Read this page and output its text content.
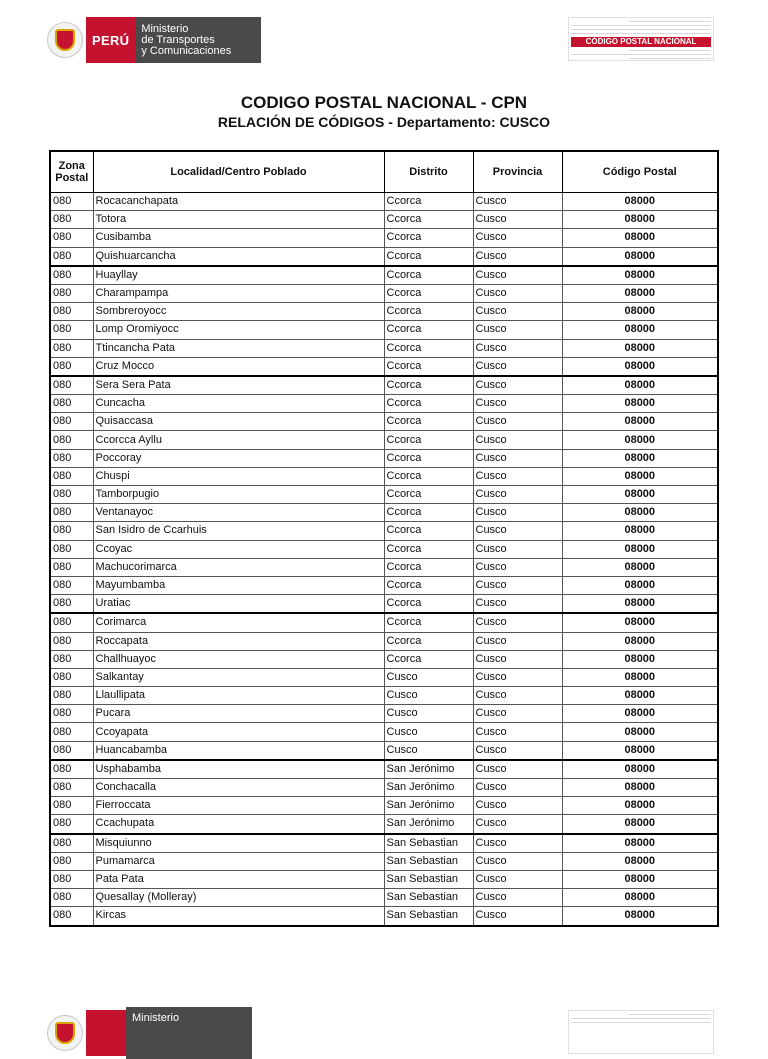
PERÚ
Ministerio
de Transportes
y Comunicaciones
CÓDIGO POSTAL NACIONAL
CODIGO POSTAL NACIONAL - CPN
RELACIÓN DE CÓDIGOS - Departamento: CUSCO
Zona Postal	Localidad/Centro Poblado	Distrito	Provincia	Código Postal
080	Rocacanchapata	Ccorca	Cusco	08000
080	Totora	Ccorca	Cusco	08000
080	Cusibamba	Ccorca	Cusco	08000
080	Quishuarcancha	Ccorca	Cusco	08000
080	Huayllay	Ccorca	Cusco	08000
080	Charampampa	Ccorca	Cusco	08000
080	Sombreroyocc	Ccorca	Cusco	08000
080	Lomp Oromiyocc	Ccorca	Cusco	08000
080	Ttincancha Pata	Ccorca	Cusco	08000
080	Cruz Mocco	Ccorca	Cusco	08000
080	Sera Sera Pata	Ccorca	Cusco	08000
080	Cuncacha	Ccorca	Cusco	08000
080	Quisaccasa	Ccorca	Cusco	08000
080	Ccorcca Ayllu	Ccorca	Cusco	08000
080	Poccoray	Ccorca	Cusco	08000
080	Chuspi	Ccorca	Cusco	08000
080	Tamborpugio	Ccorca	Cusco	08000
080	Ventanayoc	Ccorca	Cusco	08000
080	San Isidro de Ccarhuis	Ccorca	Cusco	08000
080	Ccoyac	Ccorca	Cusco	08000
080	Machucorimarca	Ccorca	Cusco	08000
080	Mayumbamba	Ccorca	Cusco	08000
080	Uratiac	Ccorca	Cusco	08000
080	Corimarca	Ccorca	Cusco	08000
080	Roccapata	Ccorca	Cusco	08000
080	Challhuayoc	Ccorca	Cusco	08000
080	Salkantay	Cusco	Cusco	08000
080	Llaullipata	Cusco	Cusco	08000
080	Pucara	Cusco	Cusco	08000
080	Ccoyapata	Cusco	Cusco	08000
080	Huancabamba	Cusco	Cusco	08000
080	Usphabamba	San Jerónimo	Cusco	08000
080	Conchacalla	San Jerónimo	Cusco	08000
080	Fierroccata	San Jerónimo	Cusco	08000
080	Ccachupata	San Jerónimo	Cusco	08000
080	Misquiunno	San Sebastian	Cusco	08000
080	Pumamarca	San Sebastian	Cusco	08000
080	Pata Pata	San Sebastian	Cusco	08000
080	Quesallay (Molleray)	San Sebastian	Cusco	08000
080	Kircas	San Sebastian	Cusco	08000
Ministerio
